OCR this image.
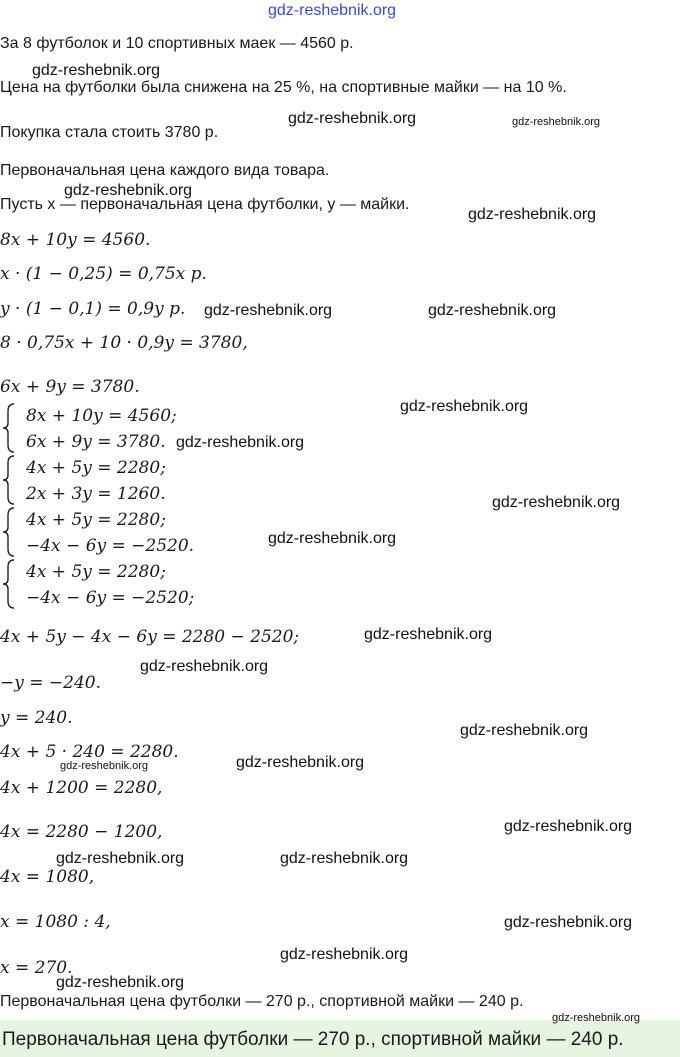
gdz-reshebnik.org
За 8 футболок и 10 спортивных маек — 4560 р.
Цена на футболки была снижена на 25 %, на спортивные майки — на 10 %.
Покупка стала стоить 3780 р.
Первоначальная цена каждого вида товара.
Пусть x — первоначальная цена футболки, y — майки.
8x + 10y = 4560.
x · (1 − 0,25) = 0,75x р.
y · (1 − 0,1) = 0,9y р.
8 · 0,75x + 10 · 0,9y = 3780,
6x + 9y = 3780.
8x + 10y = 4560;
6x + 9y = 3780.
4x + 5y = 2280;
2x + 3y = 1260.
4x + 5y = 2280;
−4x − 6y = −2520.
4x + 5y = 2280;
−4x − 6y = −2520;
4x + 5y − 4x − 6y = 2280 − 2520;
−y = −240.
y = 240.
4x + 5 · 240 = 2280.
4x + 1200 = 2280,
4x = 2280 − 1200,
4x = 1080,
x = 1080 : 4,
x = 270.
Первоначальная цена футболки — 270 р., спортивной майки — 240 р.
Первоначальная цена футболки — 270 р., спортивной майки — 240 р.
gdz-reshebnik.org
gdz-reshebnik.org	gdz-reshebnik.org
gdz-reshebnik.org
gdz-reshebnik.org
gdz-reshebnik.org	gdz-reshebnik.org
gdz-reshebnik.org
gdz-reshebnik.org
gdz-reshebnik.org
gdz-reshebnik.org
gdz-reshebnik.org
gdz-reshebnik.org
gdz-reshebnik.org
gdz-reshebnik.org	gdz-reshebnik.org
gdz-reshebnik.org
gdz-reshebnik.org	gdz-reshebnik.org
gdz-reshebnik.org
gdz-reshebnik.org
gdz-reshebnik.org
gdz-reshebnik.org
